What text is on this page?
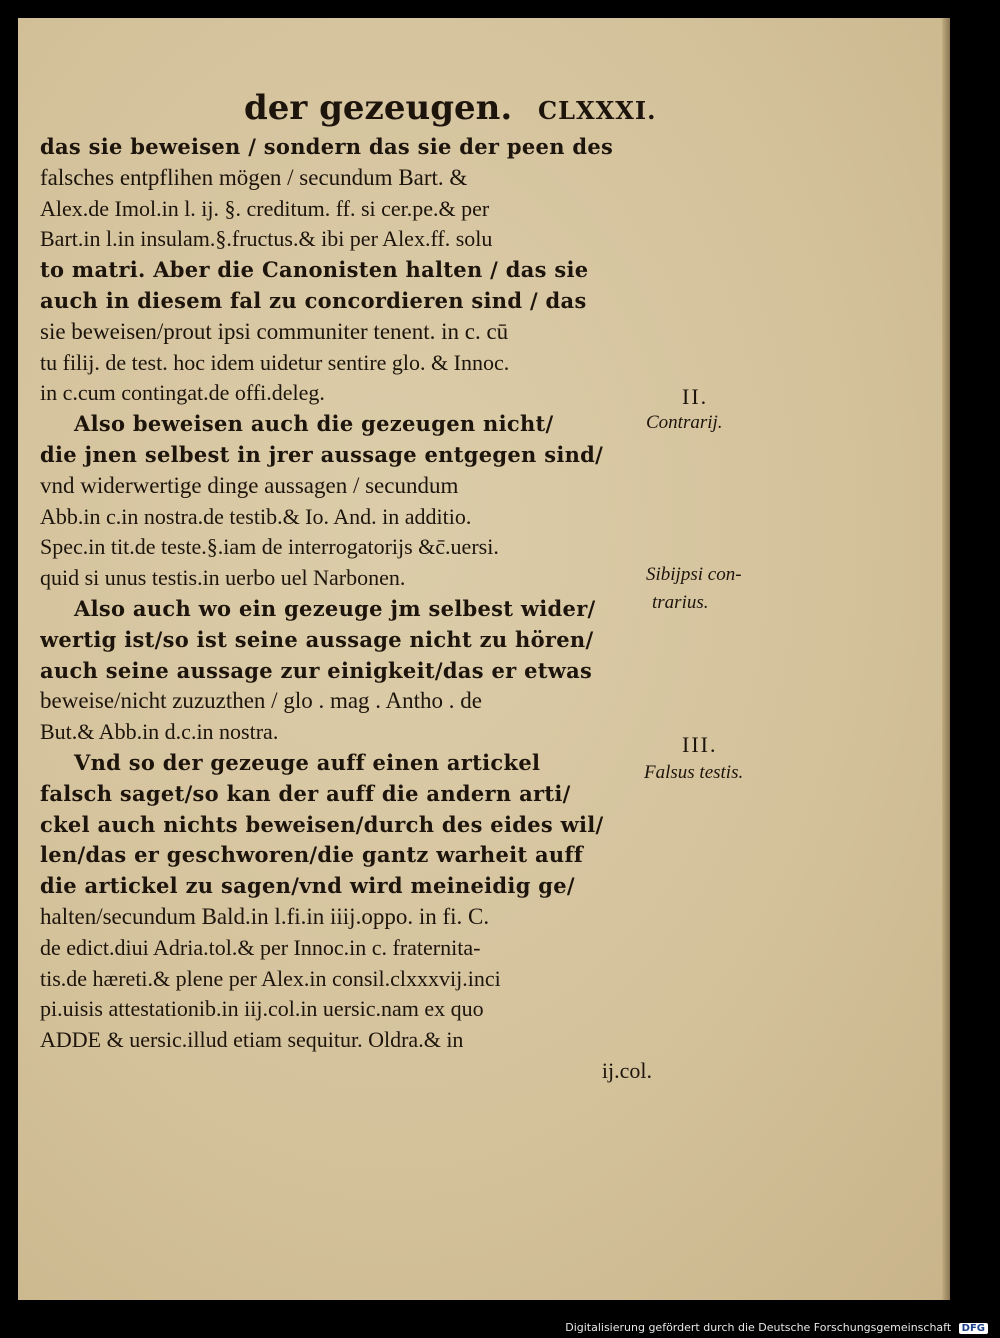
der gezeugen. CLXXXI.
das sie beweisen / sondern das sie der peen des
falsches entpflihen mögen / secundum Bart. &
Alex.de Imol.in l. ij. §. creditum. ff. si cer.pe.& per
Bart.in l.in insulam.§.fructus.& ibi per Alex.ff. solu
to matri. Aber die Canonisten halten / das sie
auch in diesem fal zu concordieren sind / das
sie beweisen/prout ipsi communiter tenent. in c. cū
tu filij. de test. hoc idem uidetur sentire glo. & Innoc.
in c.cum contingat.de offi.deleg.
Also beweisen auch die gezeugen nicht/
die jnen selbest in jrer aussage entgegen sind/
vnd widerwertige dinge aussagen / secundum
Abb.in c.in nostra.de testib.& Io. And. in additio.
Spec.in tit.de teste.§.iam de interrogatorijs &c̄.uersi.
quid si unus testis.in uerbo uel Narbonen.
Also auch wo ein gezeuge jm selbest wider/
wertig ist/so ist seine aussage nicht zu hören/
auch seine aussage zur einigkeit/das er etwas
beweise/nicht zuzuzthen / glo . mag . Antho . de
But.& Abb.in d.c.in nostra.
Vnd so der gezeuge auff einen artickel
falsch saget/so kan der auff die andern arti/
ckel auch nichts beweisen/durch des eides wil/
len/das er geschworen/die gantz warheit auff
die artickel zu sagen/vnd wird meineidig ge/
halten/secundum Bald.in l.fi.in iiij.oppo. in fi. C.
de edict.diui Adria.tol.& per Innoc.in c. fraternita-
tis.de hæreti.& plene per Alex.in consil.clxxxvij.inci
pi.uisis attestationib.in iij.col.in uersic.nam ex quo
ADDE & uersic.illud etiam sequitur. Oldra.& in
ij.col.
II.
Contrarij.
Sibijpsi con-
trarius.
III.
Falsus testis.
Digitalisierung gefördert durch die Deutsche Forschungsgemeinschaft DFG
